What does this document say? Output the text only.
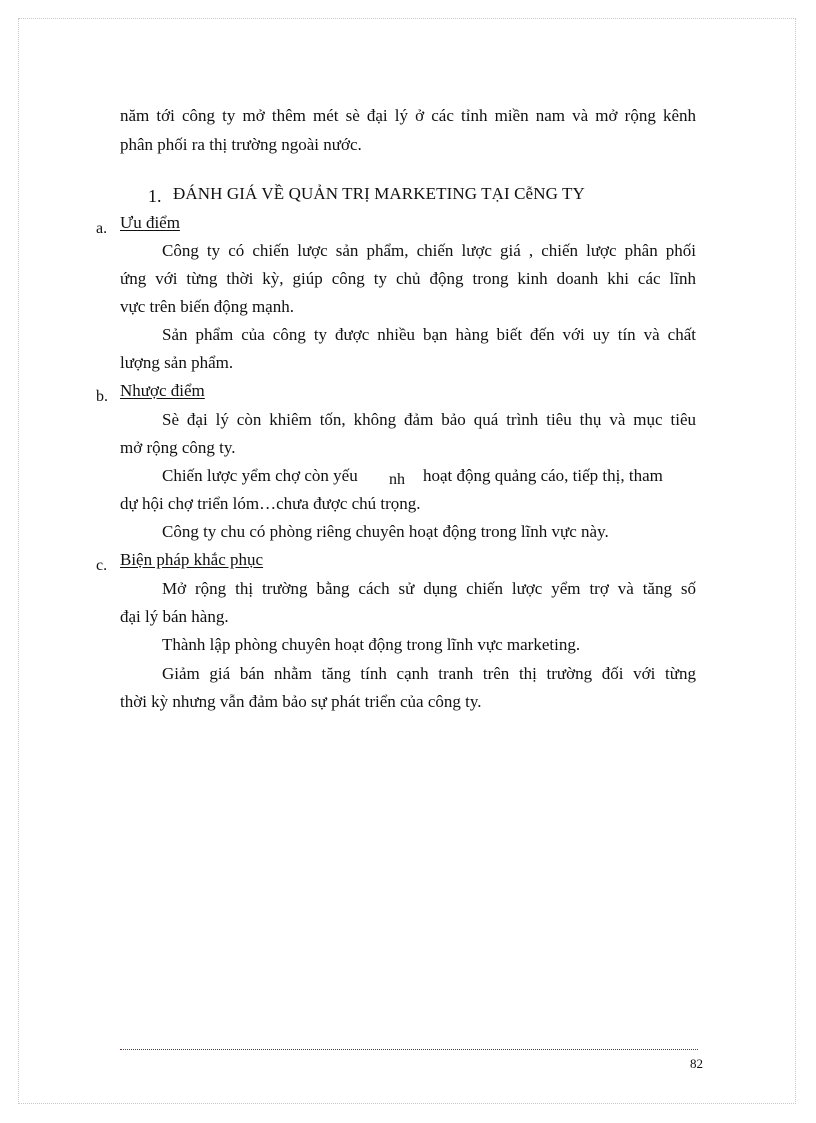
năm tới công ty mở thêm mét sè đại lý ở các tỉnh miền nam và mở rộng kênh
phân phối ra thị trường ngoài nước.
1. ĐÁNH GIÁ VỀ QUẢN TRỊ MARKETING TẠI CễNG TY
a. Ưu điểm
Công ty có chiến lược sản phẩm, chiến lược giá , chiến lược phân phối
ứng với từng thời kỳ, giúp công ty chủ động trong kinh doanh khi các lĩnh
vực trên biến động mạnh.
Sản phẩm của công ty được nhiều bạn hàng biết đến với uy tín và chất
lượng sản phẩm.
b. Nhược điểm
Sè đại lý còn khiêm tốn, không đảm bảo quá trình tiêu thụ và mục tiêu
mở rộng công ty.
Chiến lược yểm chợ còn yếu nh hoạt động quảng cáo, tiếp thị, tham
dự hội chợ triển lóm…chưa được chú trọng.
Công ty chu có phòng riêng chuyên hoạt động trong lĩnh vực này.
c. Biện pháp khắc phục
Mở rộng thị trường bằng cách sử dụng chiến lược yểm trợ và tăng số
đại lý bán hàng.
Thành lập phòng chuyên hoạt động trong lĩnh vực marketing.
Giảm giá bán nhằm tăng tính cạnh tranh trên thị trường đối với từng
thời kỳ nhưng vẫn đảm bảo sự phát triển của công ty.
82
